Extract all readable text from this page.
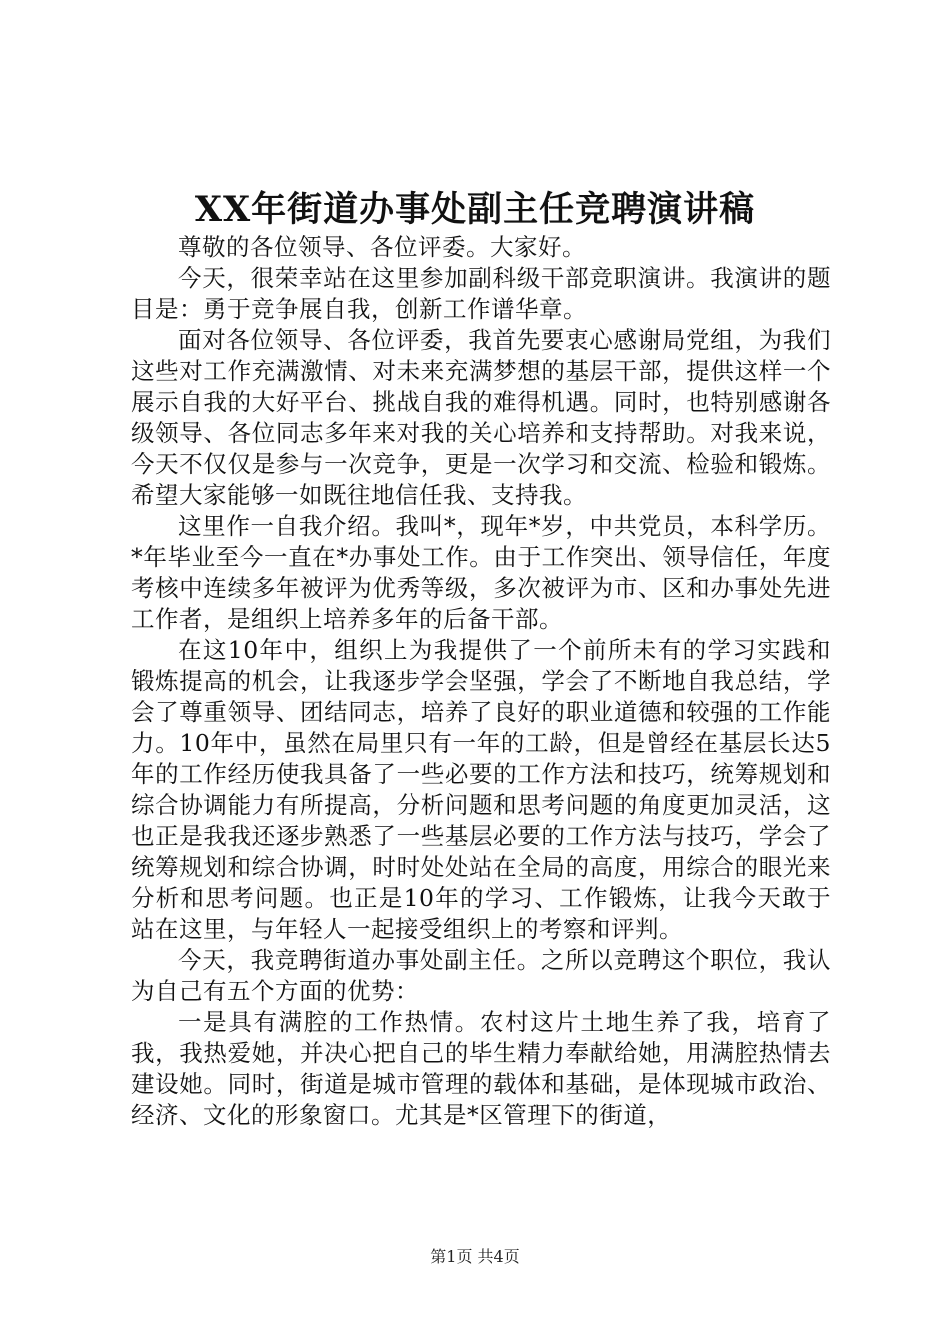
XX年街道办事处副主任竞聘演讲稿

尊敬的各位领导、各位评委。大家好。

今天，很荣幸站在这里参加副科级干部竞职演讲。我演讲的题目是：勇于竞争展自我，创新工作谱华章。

面对各位领导、各位评委，我首先要衷心感谢局党组，为我们这些对工作充满激情、对未来充满梦想的基层干部，提供这样一个展示自我的大好平台、挑战自我的难得机遇。同时，也特别感谢各级领导、各位同志多年来对我的关心培养和支持帮助。对我来说，今天不仅仅是参与一次竞争，更是一次学习和交流、检验和锻炼。希望大家能够一如既往地信任我、支持我。

这里作一自我介绍。我叫*，现年*岁，中共党员，本科学历。*年毕业至今一直在*办事处工作。由于工作突出、领导信任，年度考核中连续多年被评为优秀等级，多次被评为市、区和办事处先进工作者，是组织上培养多年的后备干部。

在这10年中，组织上为我提供了一个前所未有的学习实践和锻炼提高的机会，让我逐步学会坚强，学会了不断地自我总结，学会了尊重领导、团结同志，培养了良好的职业道德和较强的工作能力。10年中，虽然在局里只有一年的工龄，但是曾经在基层长达5年的工作经历使我具备了一些必要的工作方法和技巧，统筹规划和综合协调能力有所提高，分析问题和思考问题的角度更加灵活，这也正是我我还逐步熟悉了一些基层必要的工作方法与技巧，学会了统筹规划和综合协调，时时处处站在全局的高度，用综合的眼光来分析和思考问题。也正是10年的学习、工作锻炼，让我今天敢于站在这里，与年轻人一起接受组织上的考察和评判。

今天，我竞聘街道办事处副主任。之所以竞聘这个职位，我认为自己有五个方面的优势：

一是具有满腔的工作热情。农村这片土地生养了我，培育了我，我热爱她，并决心把自己的毕生精力奉献给她，用满腔热情去建设她。同时，街道是城市管理的载体和基础，是体现城市政治、经济、文化的形象窗口。尤其是*区管理下的街道，

第1页 共4页
